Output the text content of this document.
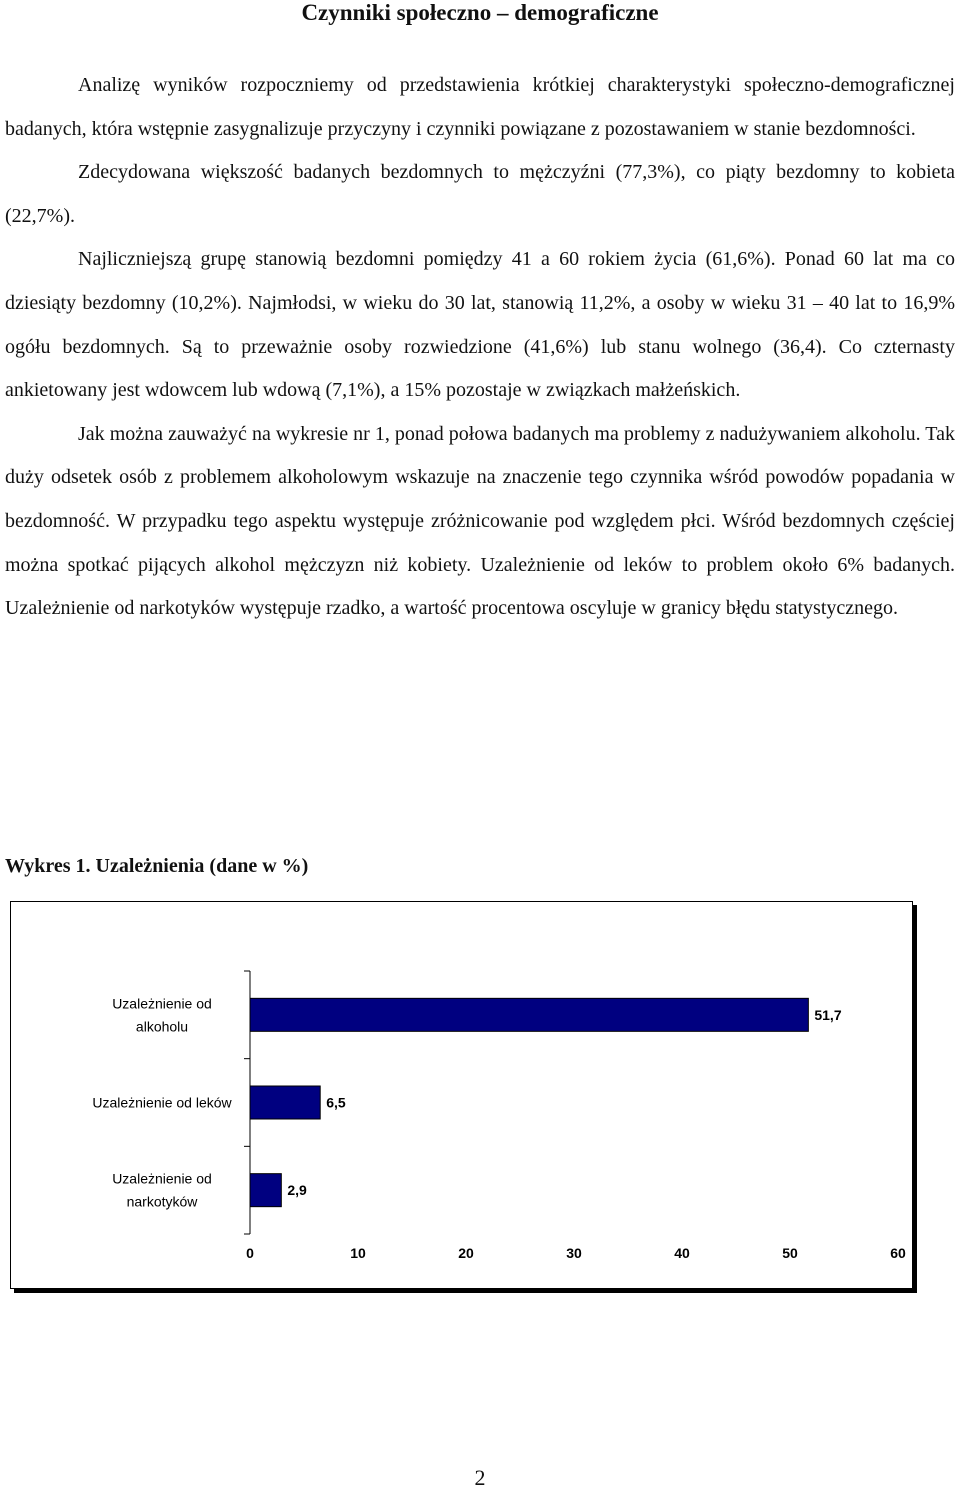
Czynniki społeczno – demograficzne

Analizę wyników rozpoczniemy od przedstawienia krótkiej charakterystyki społeczno-demograficznej badanych, która wstępnie zasygnalizuje przyczyny i czynniki powiązane z pozostawaniem w stanie bezdomności.

Zdecydowana większość badanych bezdomnych to mężczyźni (77,3%), co piąty bezdomny to kobieta (22,7%).

Najliczniejszą grupę stanowią bezdomni pomiędzy 41 a 60 rokiem życia (61,6%). Ponad 60 lat ma co dziesiąty bezdomny (10,2%). Najmłodsi, w wieku do 30 lat, stanowią 11,2%, a osoby w wieku 31 – 40 lat to 16,9% ogółu bezdomnych. Są to przeważnie osoby rozwiedzione (41,6%) lub stanu wolnego (36,4). Co czternasty ankietowany jest wdowcem lub wdową (7,1%), a 15% pozostaje w związkach małżeńskich.

Jak można zauważyć na wykresie nr 1, ponad połowa badanych ma problemy z nadużywaniem alkoholu. Tak duży odsetek osób z problemem alkoholowym wskazuje na znaczenie tego czynnika wśród powodów popadania w bezdomność. W przypadku tego aspektu występuje zróżnicowanie pod względem płci. Wśród bezdomnych częściej można spotkać pijących alkohol mężczyzn niż kobiety. Uzależnienie od leków to problem około 6% badanych. Uzależnienie od narkotyków występuje rzadko, a wartość procentowa oscyluje w granicy błędu statystycznego.

Wykres 1. Uzależnienia (dane w %)
51,7
Uzależnienie od
alkoholu
6,5
Uzależnienie od leków
2,9
Uzależnienie od
narkotyków
0	10	20	30	40	50	60
2
